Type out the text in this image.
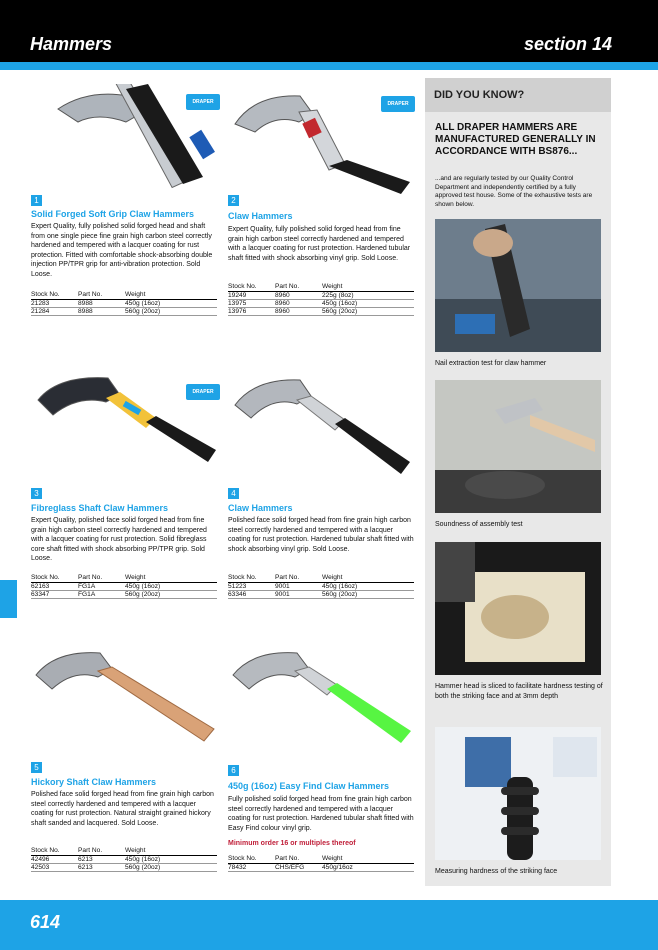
Hammers	section 14
DRAPER	DRAPER
DRAPER
1
Solid Forged Soft Grip Claw Hammers
Expert Quality, fully polished solid forged head and shaft from one single piece fine grain high carbon steel correctly hardened and tempered with a lacquer coating for rust protection. Fitted with comfortable shock-absorbing double injection PP/TPR grip for anti-vibration protection. Sold Loose.
Stock No.	Part No.	Weight
21283	8988	450g (16oz)
21284	8988	560g (20oz)
2
Claw Hammers
Expert Quality, fully polished solid forged head from fine grain high carbon steel correctly hardened and tempered with a lacquer coating for rust protection. Hardened tubular shaft fitted with shock absorbing vinyl grip. Sold Loose.
Stock No.	Part No.	Weight
19249	8960	225g (8oz)
13975	8960	450g (16oz)
13976	8960	560g (20oz)
3
Fibreglass Shaft Claw Hammers
Expert Quality, polished face solid forged head from fine grain high carbon steel correctly hardened and tempered with a lacquer coating for rust protection. Solid fibreglass core shaft fitted with shock absorbing PP/TPR grip. Sold Loose.
Stock No.	Part No.	Weight
62163	FG1A	450g (16oz)
63347	FG1A	560g (20oz)
4
Claw Hammers
Polished face solid forged head from fine grain high carbon steel correctly hardened and tempered with a lacquer coating for rust protection. Hardened tubular shaft fitted with shock absorbing vinyl grip. Sold Loose.
Stock No.	Part No.	Weight
51223	9001	450g (16oz)
63346	9001	560g (20oz)
5
Hickory Shaft Claw Hammers
Polished face solid forged head from fine grain high carbon steel correctly hardened and tempered with a lacquer coating for rust protection. Natural straight grained hickory shaft sanded and lacquered. Sold Loose.
Stock No.	Part No.	Weight
42496	6213	450g (16oz)
42503	6213	560g (20oz)
6
450g (16oz) Easy Find Claw Hammers
Fully polished solid forged head from fine grain high carbon steel correctly hardened and tempered with a lacquer coating for rust protection. Hardened tubular shaft fitted with Easy Find colour vinyl grip.
Minimum order 16 or multiples thereof
Stock No.	Part No.	Weight
78432	CHS/EFG	450g/16oz
DID YOU KNOW?
ALL DRAPER HAMMERS ARE MANUFACTURED GENERALLY IN ACCORDANCE WITH BS876...
...and are regularly tested by our Quality Control Department and independently certified by a fully approved test house. Some of the exhaustive tests are shown below.
Nail extraction test for claw hammer
Soundness of assembly test
Hammer head is sliced to facilitate hardness testing of both the striking face and at 3mm depth
Measuring hardness of the striking face
614
